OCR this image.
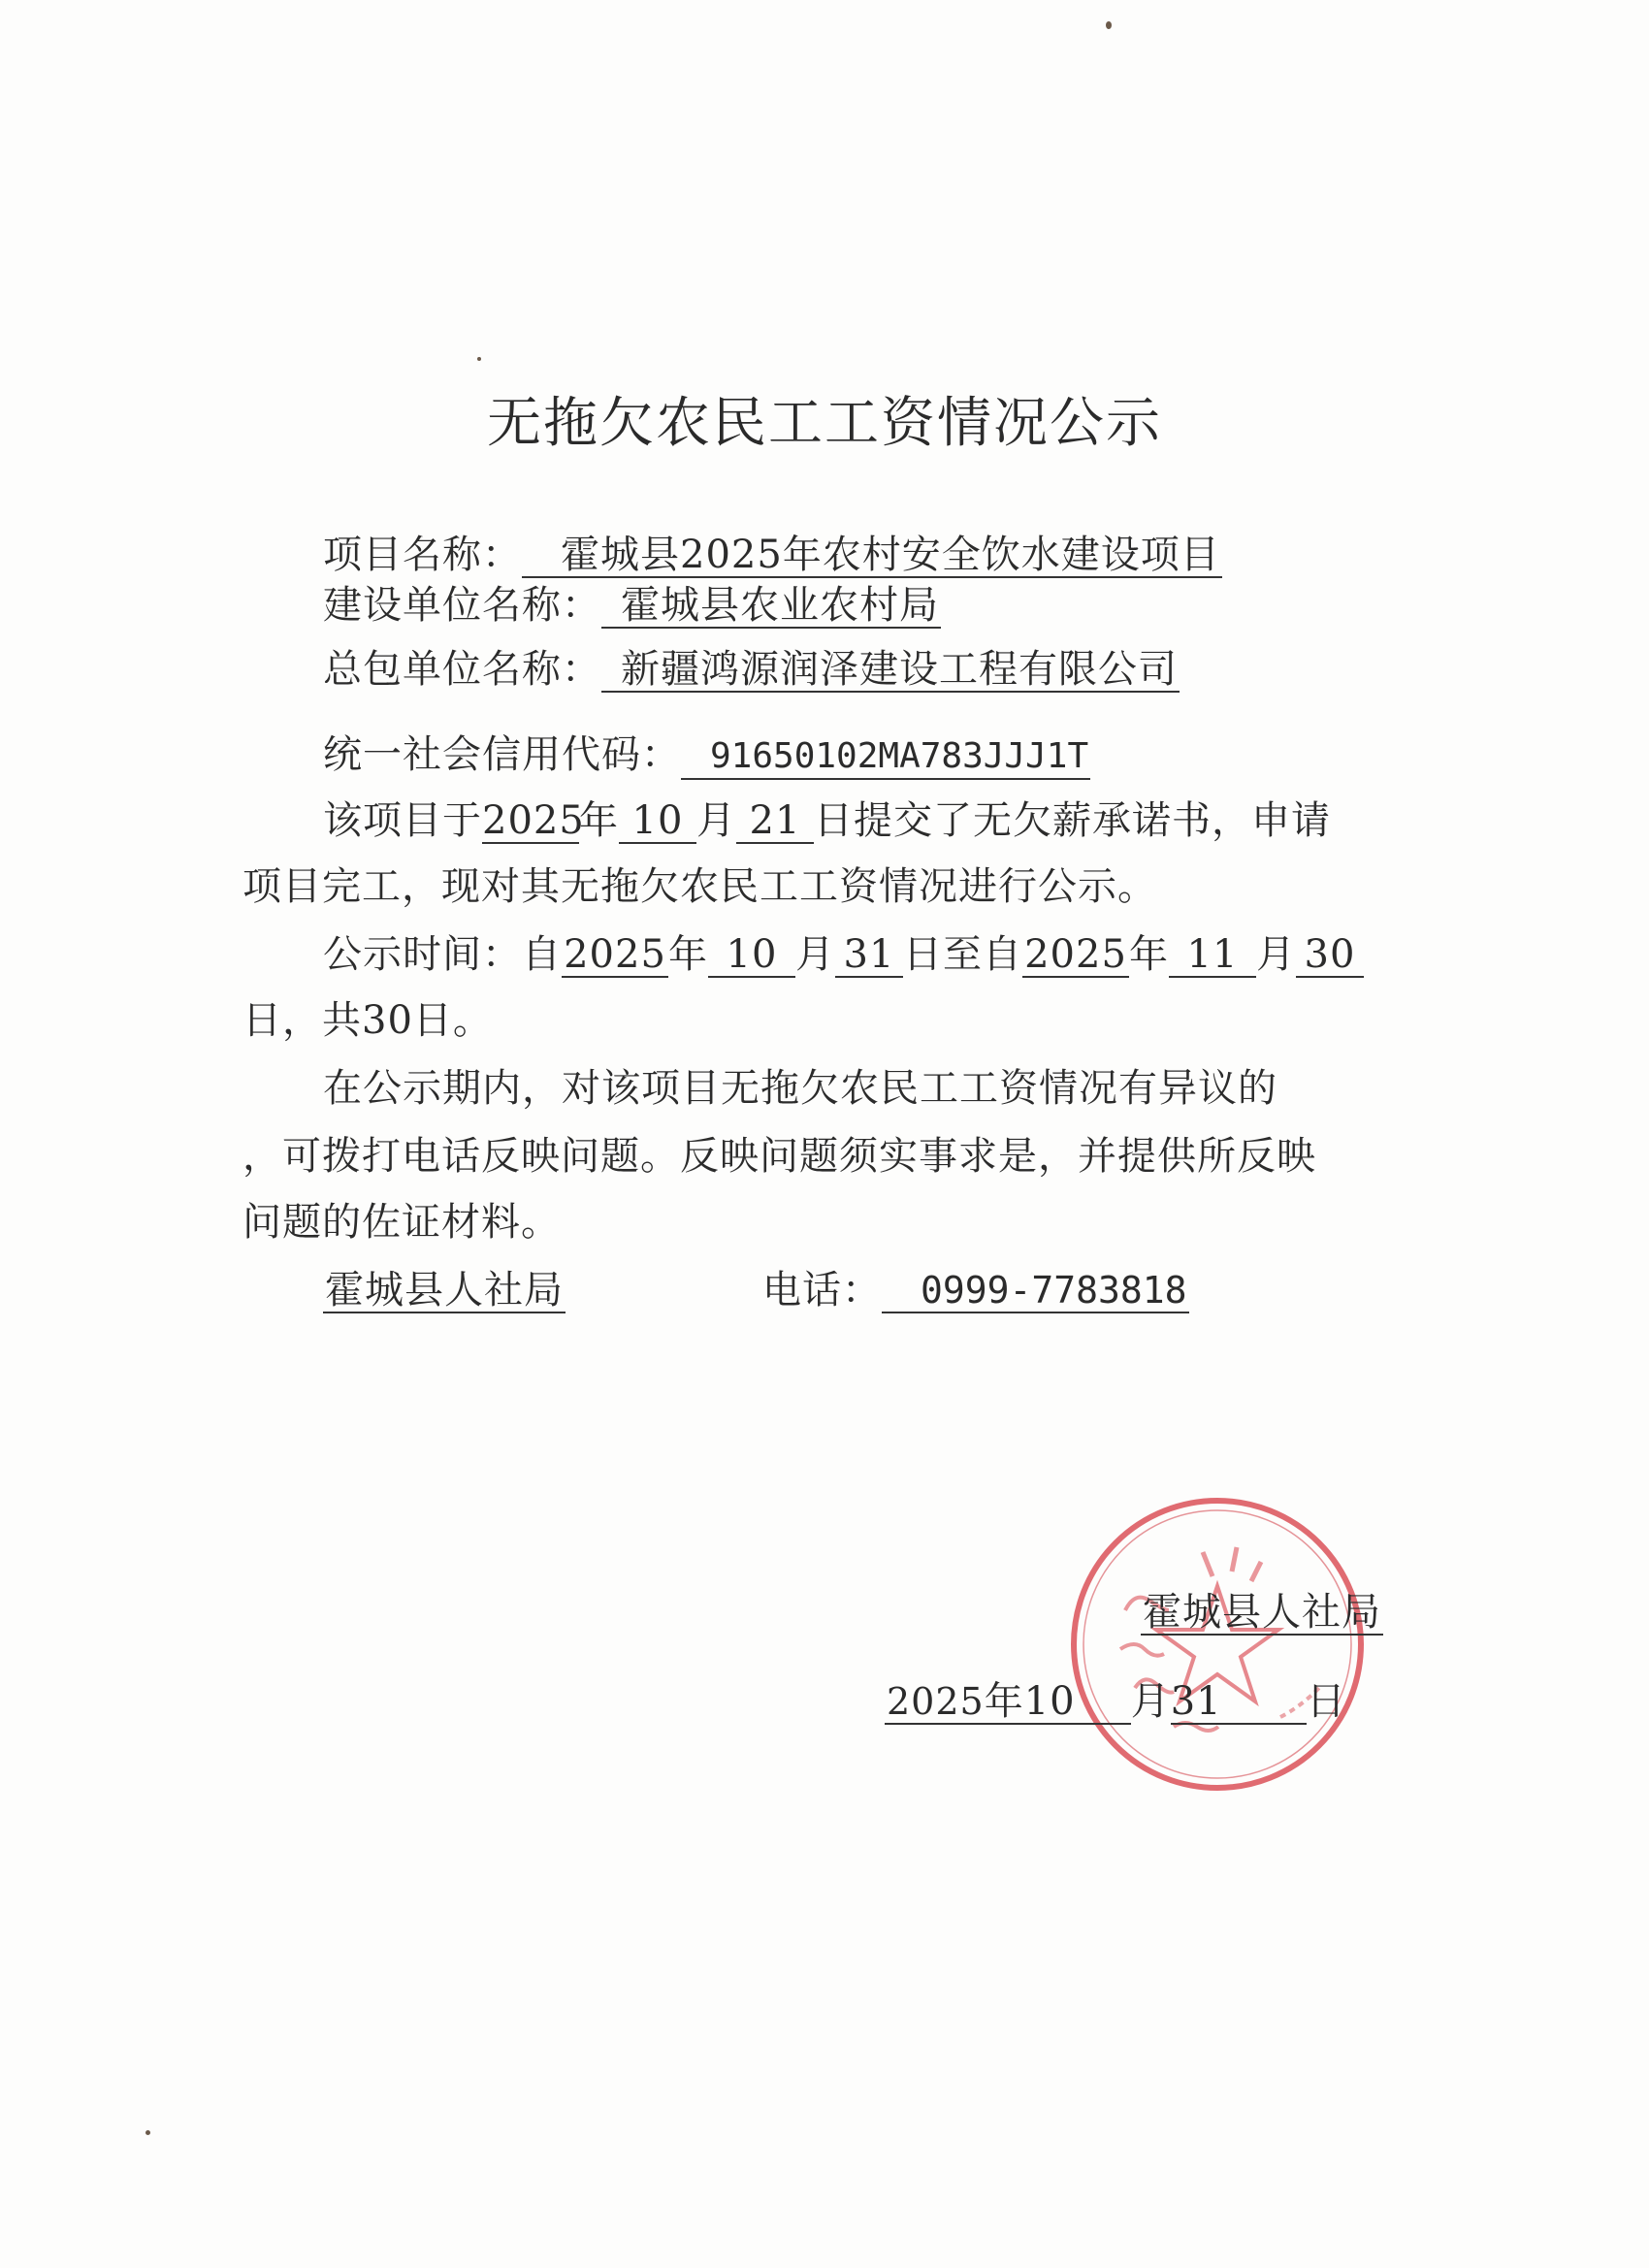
无拖欠农民工工资情况公示
项目名称： 霍城县2025年农村安全饮水建设项目
建设单位名称： 霍城县农业农村局
总包单位名称： 新疆鸿源润泽建设工程有限公司
统一社会信用代码： 91650102MA783JJJ1T
该项目于2025年 10 月 21 日提交了无欠薪承诺书，申请
项目完工，现对其无拖欠农民工工资情况进行公示。
公示时间：自2025年 10 月 31 日至自2025年 11 月 30
日，共30日。
在公示期内，对该项目无拖欠农民工工资情况有异议的
，可拨打电话反映问题。反映问题须实事求是，并提供所反映
问题的佐证材料。
霍城县人社局	电话： 0999-7783818
霍城县人社局
2025年10 月31 日
